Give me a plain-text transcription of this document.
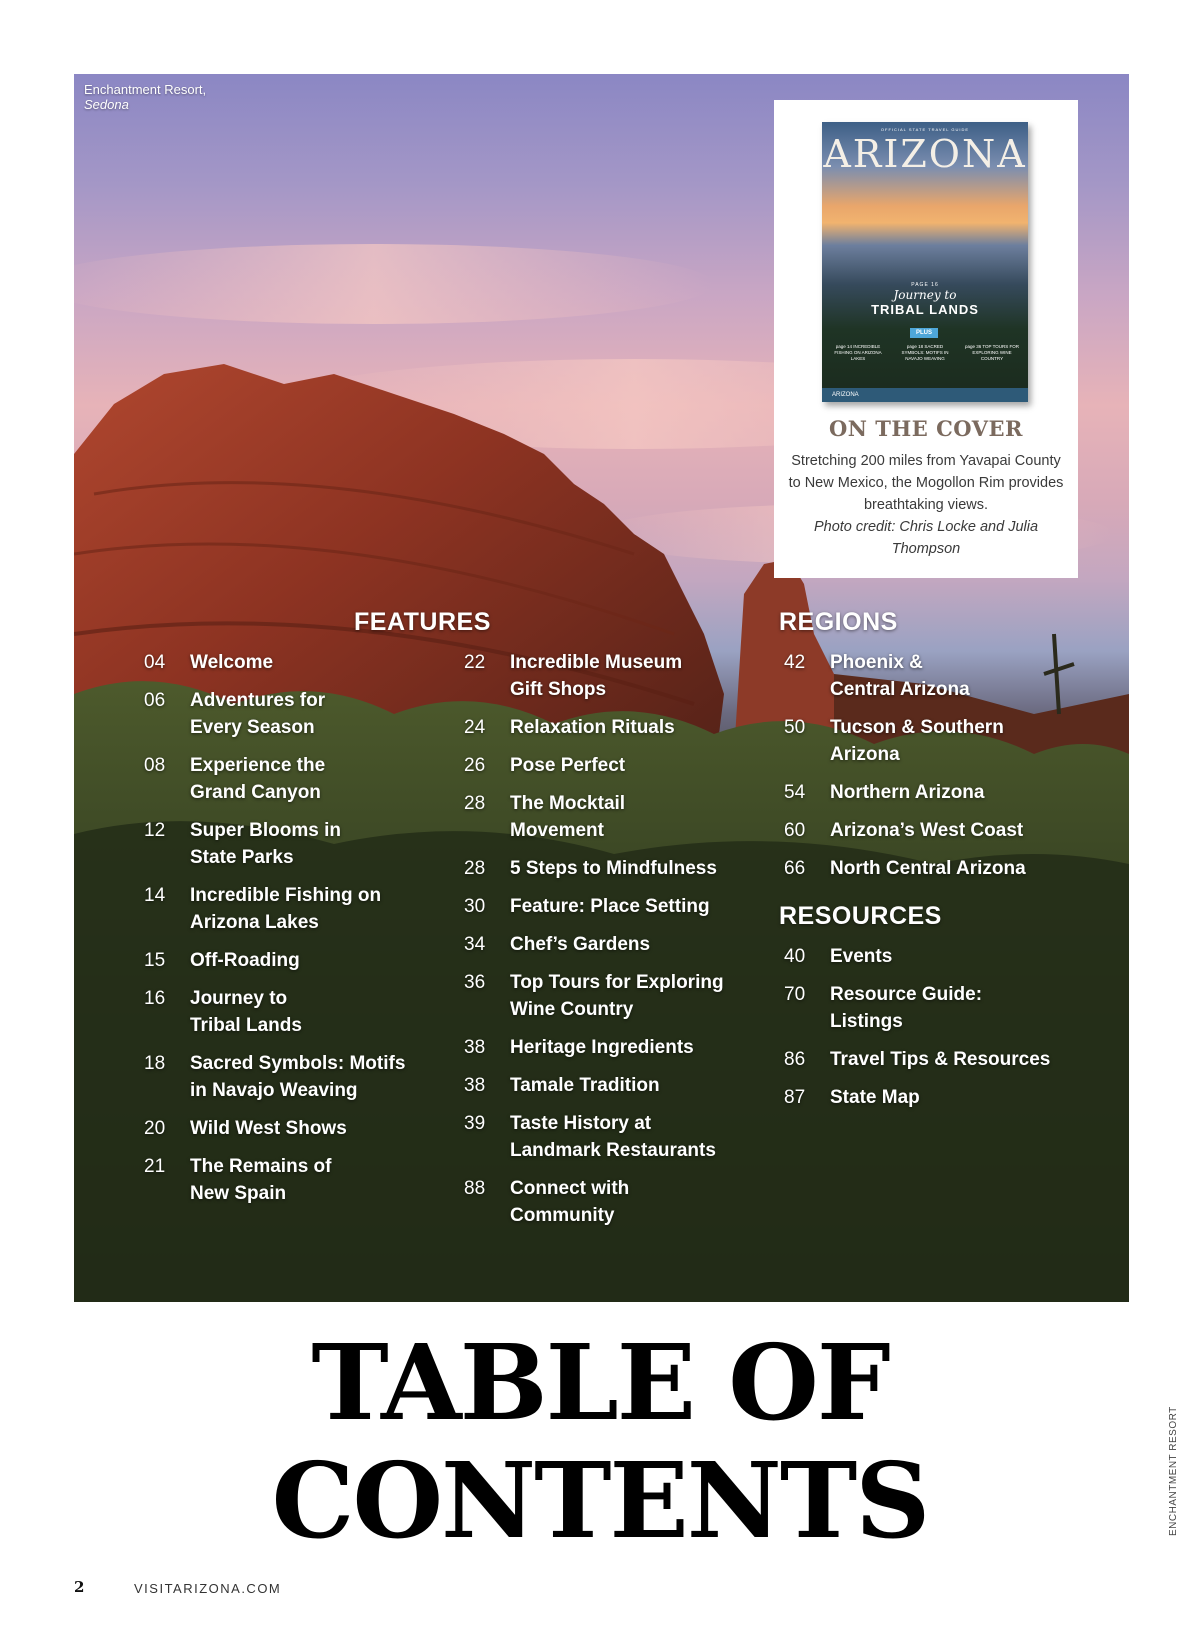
Enchantment Resort,
Sedona
OFFICIAL STATE TRAVEL GUIDE
ARIZONA
PAGE 16
Journey to
TRIBAL LANDS
PLUS
page 14 INCREDIBLE FISHING ON ARIZONA LAKES
page 18 SACRED SYMBOLS: MOTIFS IN NAVAJO WEAVING
page 36 TOP TOURS FOR EXPLORING WINE COUNTRY
ARIZONA
ON THE COVER
Stretching 200 miles from Yavapai County to New Mexico, the Mogollon Rim provides breathtaking views.
Photo credit: Chris Locke and Julia Thompson
FEATURES	REGIONS
RESOURCES
04	Welcome
06	Adventures for Every Season
08	Experience the Grand Canyon
12	Super Blooms in State Parks
14	Incredible Fishing on Arizona Lakes
15	Off-Roading
16	Journey to Tribal Lands
18	Sacred Symbols: Motifs in Navajo Weaving
20	Wild West Shows
21	The Remains of New Spain
22	Incredible Museum Gift Shops
24	Relaxation Rituals
26	Pose Perfect
28	The Mocktail Movement
28	5 Steps to Mindfulness
30	Feature: Place Setting
34	Chef’s Gardens
36	Top Tours for Exploring Wine Country
38	Heritage Ingredients
38	Tamale Tradition
39	Taste History at Landmark Restaurants
88	Connect with Community
42	Phoenix & Central Arizona
50	Tucson & Southern Arizona
54	Northern Arizona
60	Arizona’s West Coast
66	North Central Arizona
40	Events
70	Resource Guide: Listings
86	Travel Tips & Resources
87	State Map
TABLE OF
CONTENTS
2	VISITARIZONA.COM
ENCHANTMENT RESORT
